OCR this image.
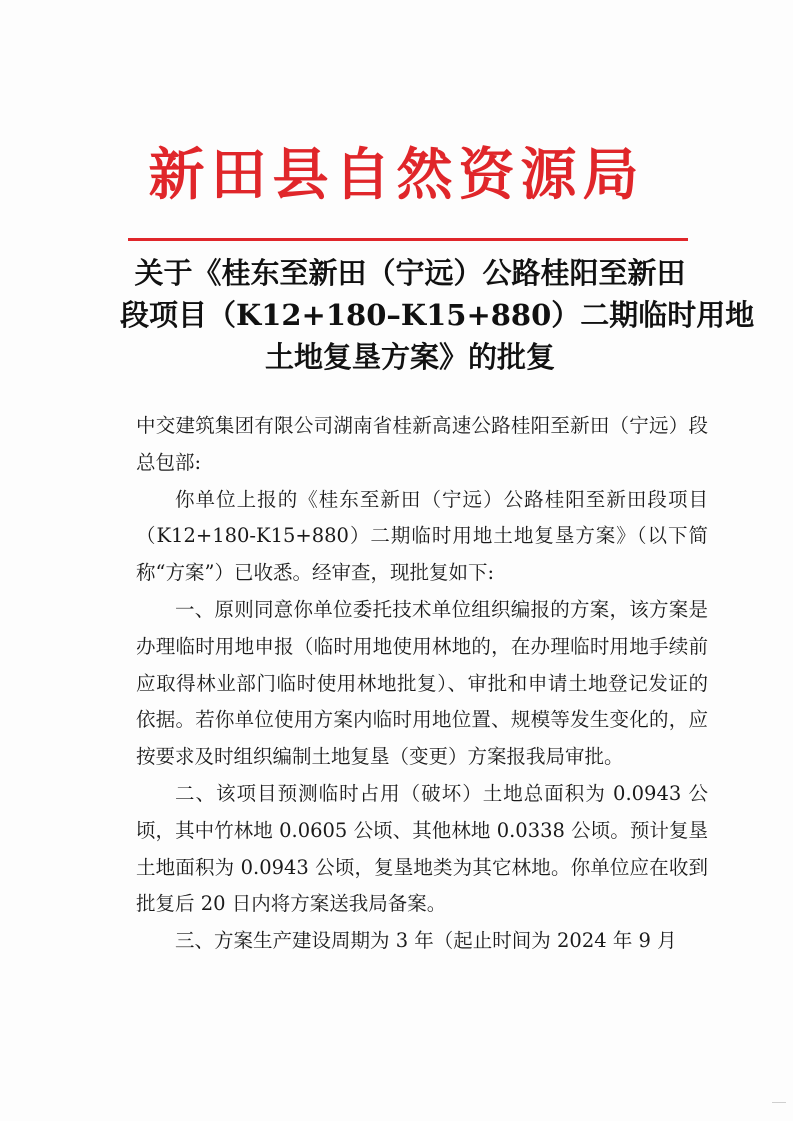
新田县自然资源局
关于《桂东至新田（宁远）公路桂阳至新田
段项目（K12+180–K15+880）二期临时用地
土地复垦方案》的批复

中交建筑集团有限公司湖南省桂新高速公路桂阳至新田（宁远）段总包部:

你单位上报的《桂东至新田（宁远）公路桂阳至新田段项目（K12+180-K15+880）二期临时用地土地复垦方案》（以下简称“方案”）已收悉。经审查，现批复如下:

一、原则同意你单位委托技术单位组织编报的方案，该方案是办理临时用地申报（临时用地使用林地的，在办理临时用地手续前应取得林业部门临时使用林地批复）、审批和申请土地登记发证的依据。若你单位使用方案内临时用地位置、规模等发生变化的，应按要求及时组织编制土地复垦（变更）方案报我局审批。

二、该项目预测临时占用（破坏）土地总面积为 0.0943 公顷，其中竹林地 0.0605 公顷、其他林地 0.0338 公顷。预计复垦土地面积为 0.0943 公顷，复垦地类为其它林地。你单位应在收到批复后 20 日内将方案送我局备案。

三、方案生产建设周期为 3 年（起止时间为 2024 年 9 月
